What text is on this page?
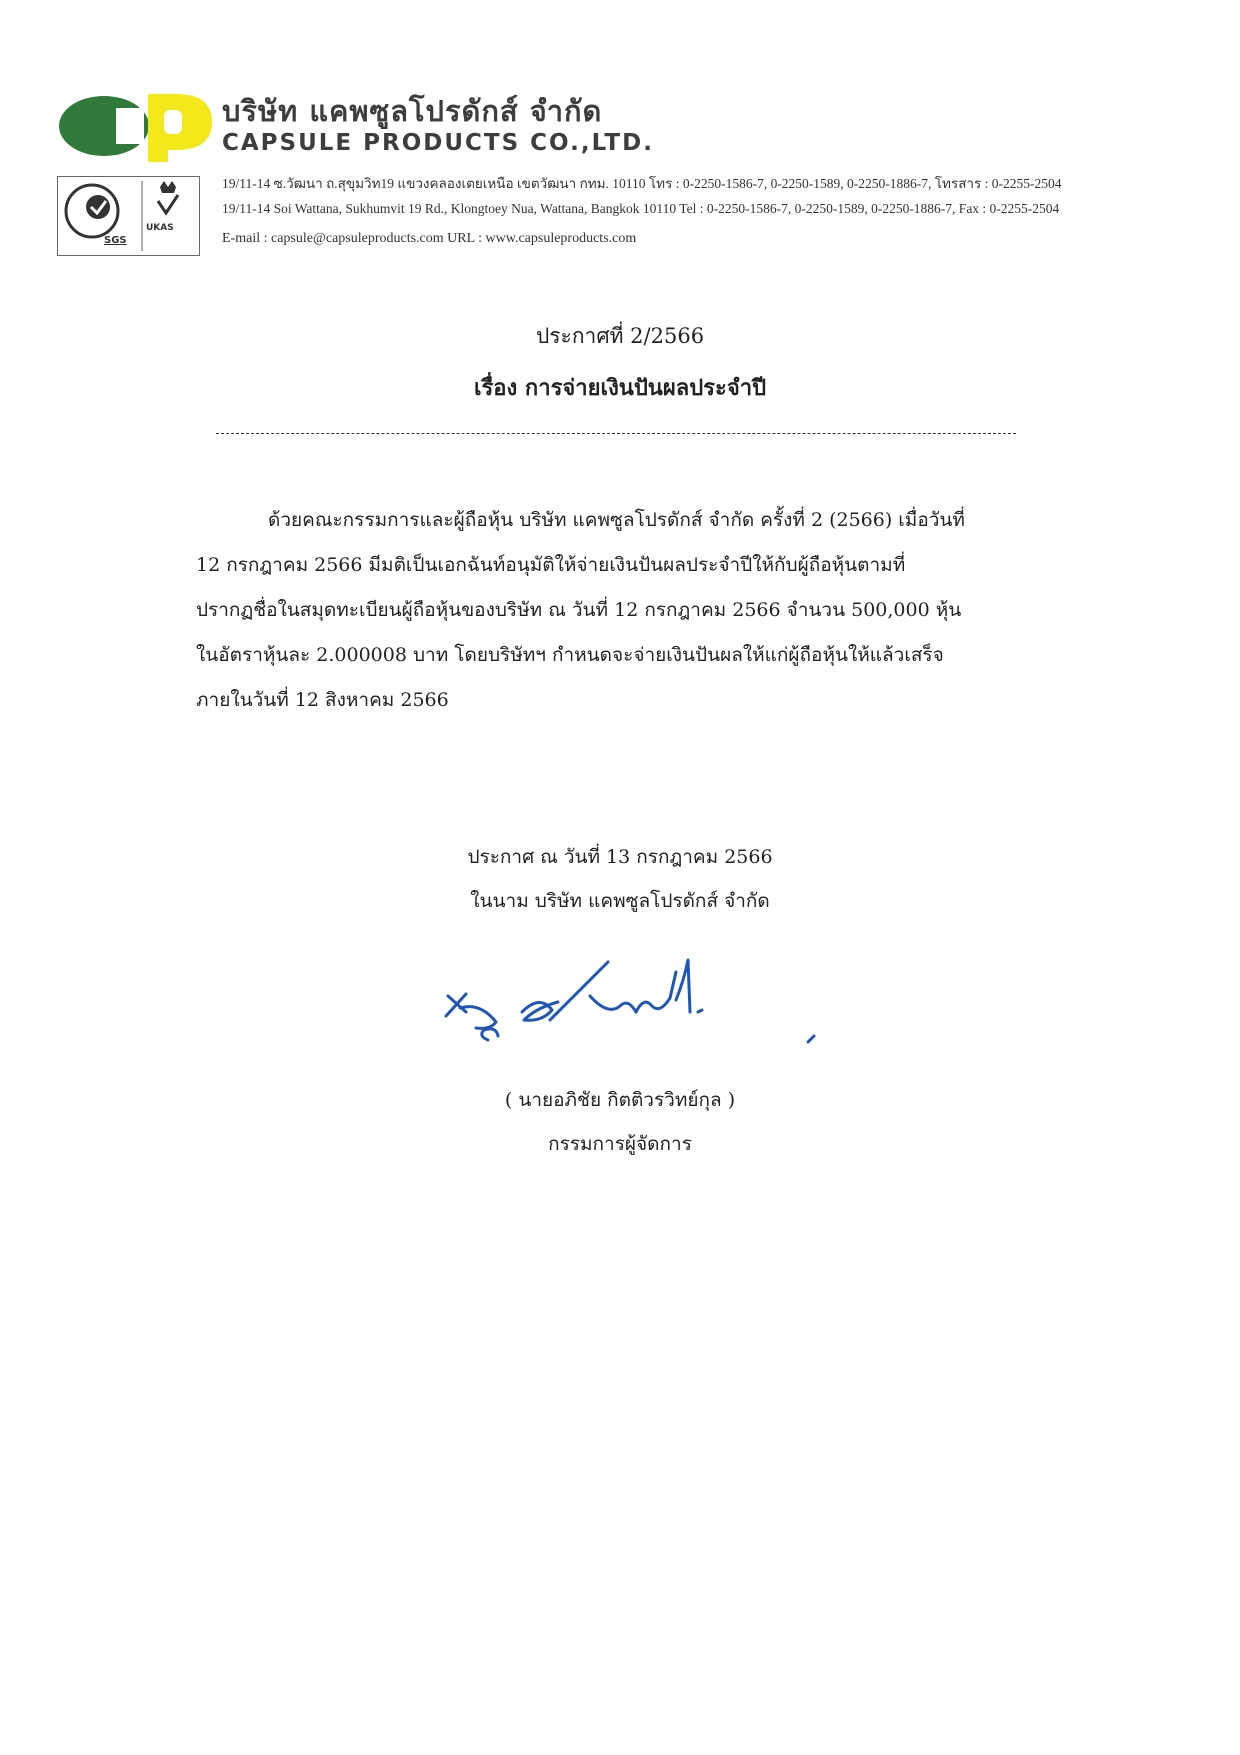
บริษัท แคพซูลโปรดักส์ จำกัด
CAPSULE PRODUCTS CO.,LTD.
UKAS
SGS
19/11-14 ซ.วัฒนา ถ.สุขุมวิท19 แขวงคลองเตยเหนือ เขตวัฒนา กทม. 10110 โทร : 0-2250-1586-7, 0-2250-1589, 0-2250-1886-7, โทรสาร : 0-2255-2504
19/11-14 Soi Wattana, Sukhumvit 19 Rd., Klongtoey Nua, Wattana, Bangkok 10110 Tel : 0-2250-1586-7, 0-2250-1589, 0-2250-1886-7, Fax : 0-2255-2504
E-mail : capsule@capsuleproducts.com URL : www.capsuleproducts.com
ประกาศที่ 2/2566
เรื่อง การจ่ายเงินปันผลประจำปี
ด้วยคณะกรรมการและผู้ถือหุ้น บริษัท แคพซูลโปรดักส์ จำกัด ครั้งที่ 2 (2566) เมื่อวันที่
12 กรกฎาคม 2566 มีมติเป็นเอกฉันท์อนุมัติให้จ่ายเงินปันผลประจำปีให้กับผู้ถือหุ้นตามที่
ปรากฏชื่อในสมุดทะเบียนผู้ถือหุ้นของบริษัท ณ วันที่ 12 กรกฎาคม 2566 จำนวน 500,000 หุ้น
ในอัตราหุ้นละ 2.000008 บาท โดยบริษัทฯ กำหนดจะจ่ายเงินปันผลให้แก่ผู้ถือหุ้นให้แล้วเสร็จ
ภายในวันที่ 12 สิงหาคม 2566
ประกาศ ณ วันที่ 13 กรกฎาคม 2566
ในนาม บริษัท แคพซูลโปรดักส์ จำกัด
( นายอภิชัย กิตติวรวิทย์กุล )
กรรมการผู้จัดการ
